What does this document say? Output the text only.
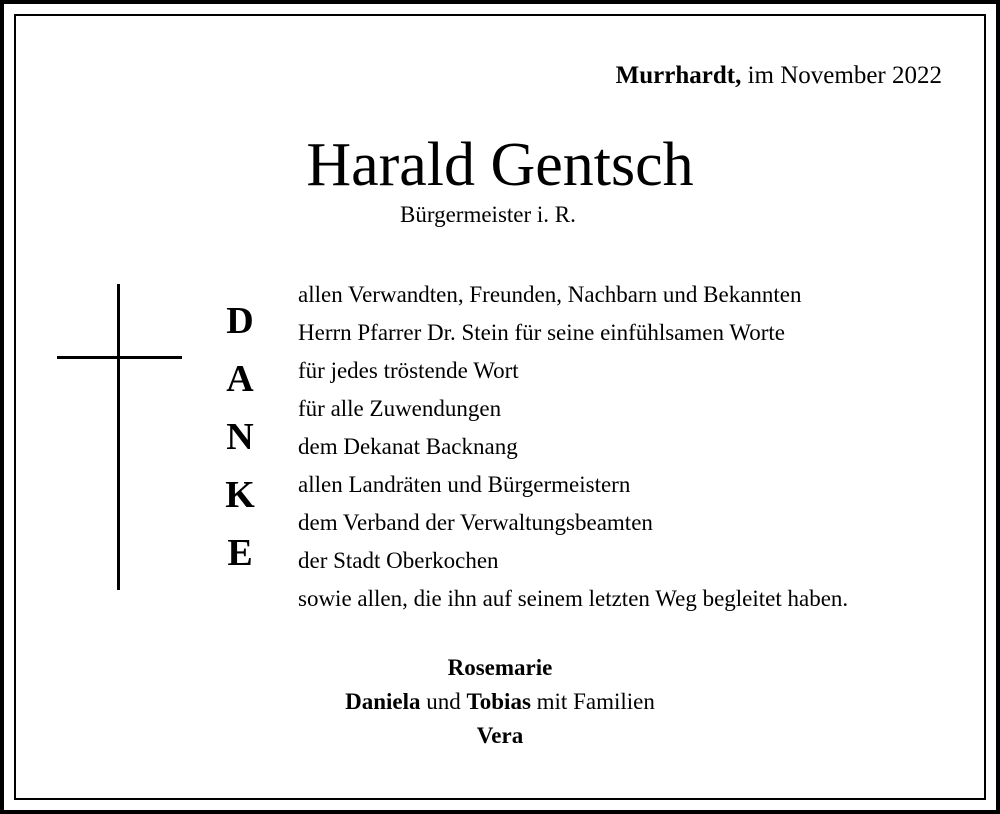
Murrhardt, im November 2022
Harald Gentsch
Bürgermeister i. R.
D
A
N
K
E
allen Verwandten, Freunden, Nachbarn und Bekannten
Herrn Pfarrer Dr. Stein für seine einfühlsamen Worte
für jedes tröstende Wort
für alle Zuwendungen
dem Dekanat Backnang
allen Landräten und Bürgermeistern
dem Verband der Verwaltungsbeamten
der Stadt Oberkochen
sowie allen, die ihn auf seinem letzten Weg begleitet haben.
Rosemarie
Daniela und Tobias mit Familien
Vera
